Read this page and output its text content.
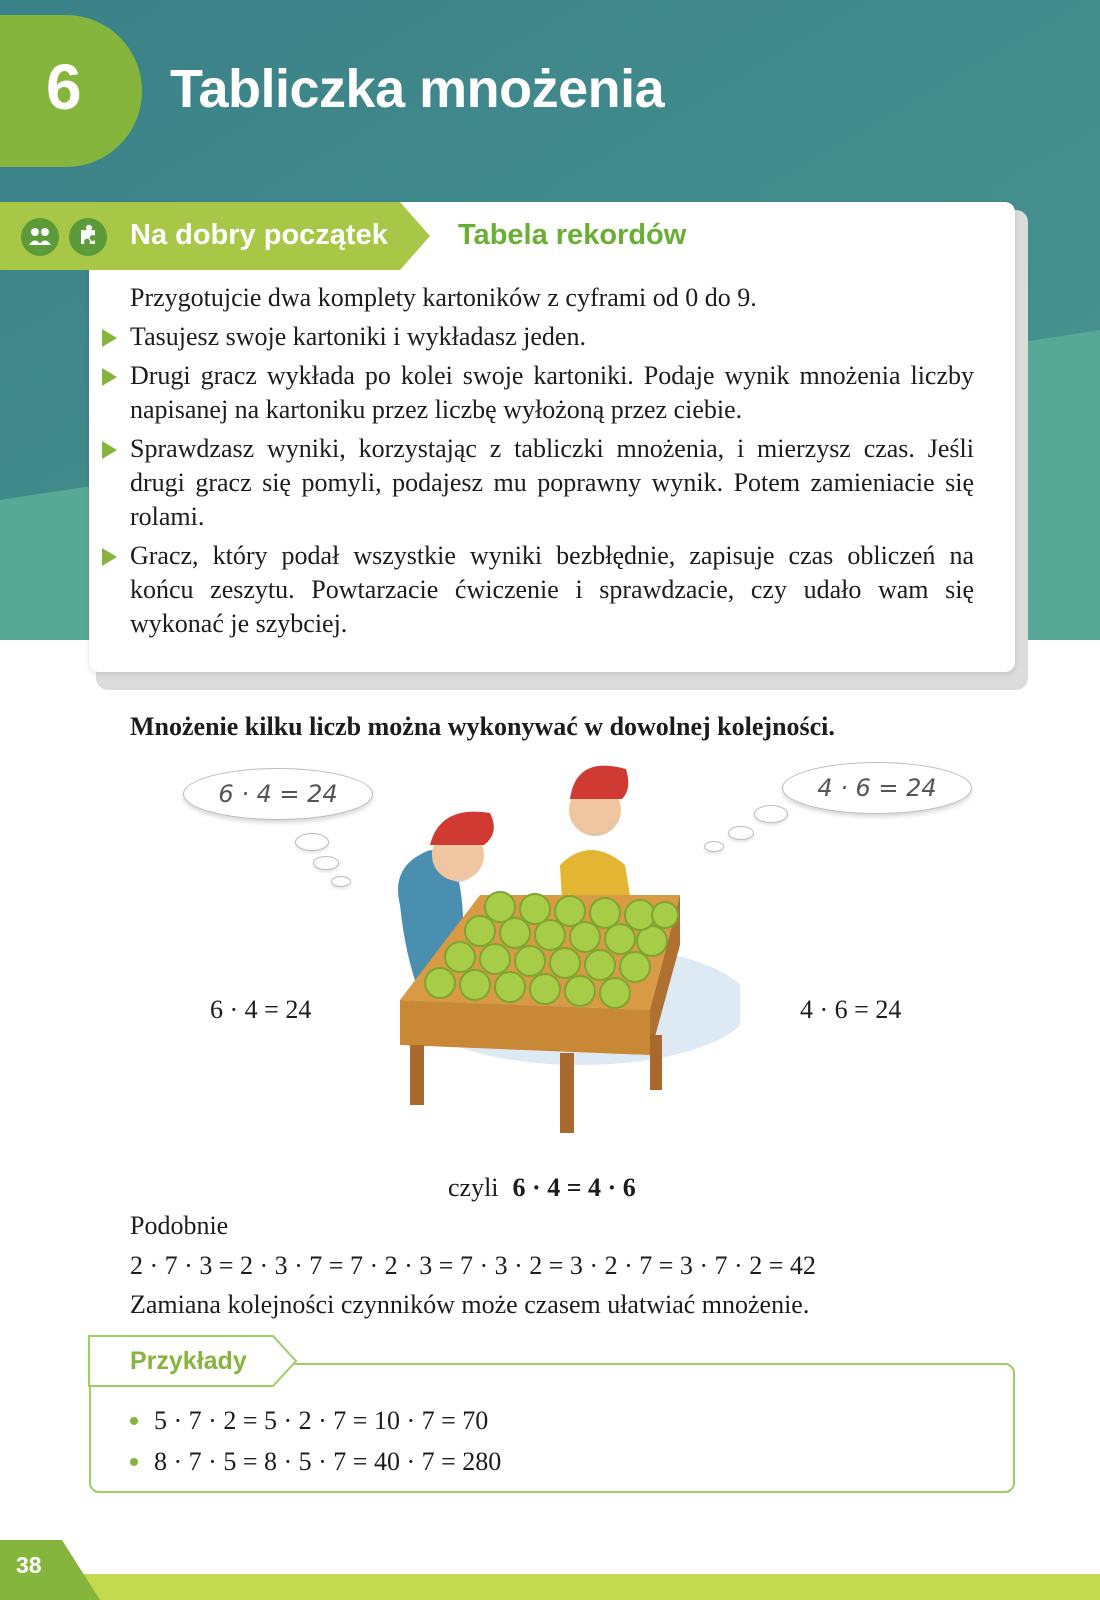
6 Tabliczka mnożenia
Na dobry początek Tabela rekordów

Przygotujcie dwa komplety kartoników z cyframi od 0 do 9.

Tasujesz swoje kartoniki i wykładasz jeden.

Drugi gracz wykłada po kolei swoje kartoniki. Podaje wynik mnożenia liczby napisanej na kartoniku przez liczbę wyłożoną przez ciebie.

Sprawdzasz wyniki, korzystając z tabliczki mnożenia, i mierzysz czas. Jeśli drugi gracz się pomyli, podajesz mu poprawny wynik. Potem zamieniacie się rolami.

Gracz, który podał wszystkie wyniki bezbłędnie, zapisuje czas obliczeń na końcu zeszytu. Powtarzacie ćwiczenie i sprawdzacie, czy udało wam się wykonać je szybciej.

Mnożenie kilku liczb można wykonywać w dowolnej kolejności.
6 · 4 = 24	4 · 6 = 24
6 · 4 = 24	4 · 6 = 24
czyli 6 · 4 = 4 · 6
Podobnie
2 · 7 · 3 = 2 · 3 · 7 = 7 · 2 · 3 = 7 · 3 · 2 = 3 · 2 · 7 = 3 · 7 · 2 = 42
Zamiana kolejności czynników może czasem ułatwiać mnożenie.
Przykłady
5 · 7 · 2 = 5 · 2 · 7 = 10 · 7 = 70
8 · 7 · 5 = 8 · 5 · 7 = 40 · 7 = 280
38
